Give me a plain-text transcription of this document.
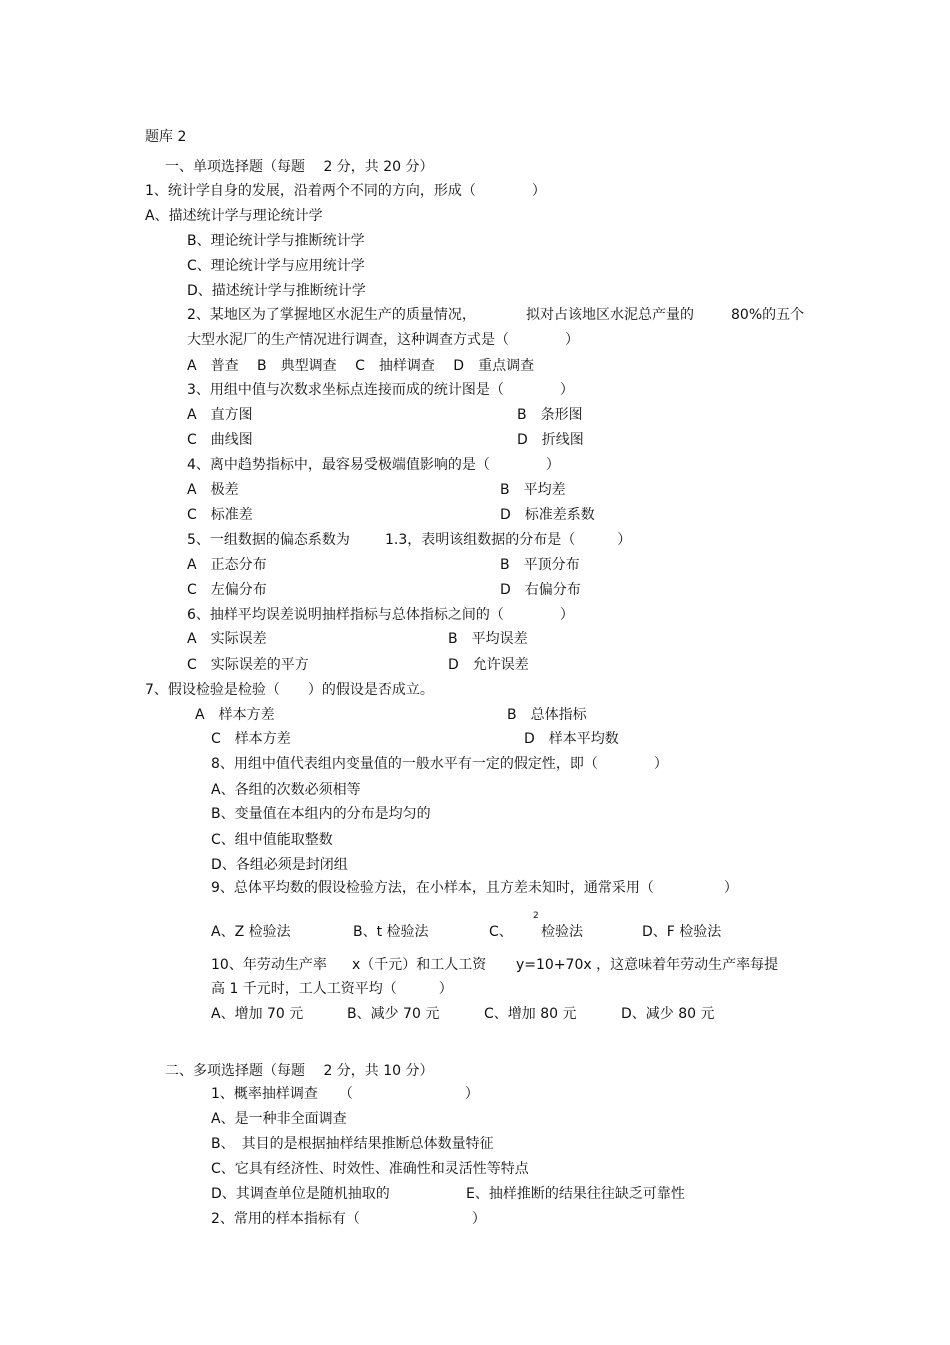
题库 2
一、单项选择题（每题　 2 分，共 20 分）
1、统计学自身的发展，沿着两个不同的方向，形成（　　　　）
A、描述统计学与理论统计学
B、理论统计学与推断统计学
C、理论统计学与应用统计学
D、描述统计学与推断统计学
2、某地区为了掌握地区水泥生产的质量情况，	拟对占该地区水泥总产量的	80%的五个
大型水泥厂的生产情况进行调查，这种调查方式是（　　　　）
A　普查　 B　典型调查　 C　抽样调查　 D　重点调查
3、用组中值与次数求坐标点连接而成的统计图是（　　　　）
A　直方图	B　条形图
C　曲线图	D　折线图
4、离中趋势指标中，最容易受极端值影响的是（　　　　）
A　极差	B　平均差
C　标准差	D　标准差系数
5、一组数据的偏态系数为	1.3，表明该组数据的分布是（　　　）
A　正态分布	B　平顶分布
C　左偏分布	D　右偏分布
6、抽样平均误差说明抽样指标与总体指标之间的（　　　　）
A　实际误差	B　平均误差
C　实际误差的平方	D　允许误差
7、假设检验是检验（　　）的假设是否成立。
A　样本方差	B　总体指标
C　样本方差	D　样本平均数
8、用组中值代表组内变量值的一般水平有一定的假定性，即（　　　　）
A、各组的次数必须相等
B、变量值在本组内的分布是均匀的
C、组中值能取整数
D、各组必须是封闭组
9、总体平均数的假设检验方法，在小样本，且方差未知时，通常采用（　　　　　）
A、Z 检验法	B、t 检验法	C、
2
检验法	D、F 检验法
10、年劳动生产率 x（千元）和工人工资 y=10+70x ，这意味着年劳动生产率每提
高 1 千元时，工人工资平均（　　　）
A、增加 70 元	B、减少 70 元	C、增加 80 元	D、减少 80 元
二、多项选择题（每题　 2 分，共 10 分）
1、概率抽样调查　　（　　　　　　　　）
A、是一种非全面调查
B、　其目的是根据抽样结果推断总体数量特征
C、它具有经济性、时效性、准确性和灵活性等特点
D、其调查单位是随机抽取的	E、抽样推断的结果往往缺乏可靠性
2、常用的样本指标有（　　　　　　　　）
